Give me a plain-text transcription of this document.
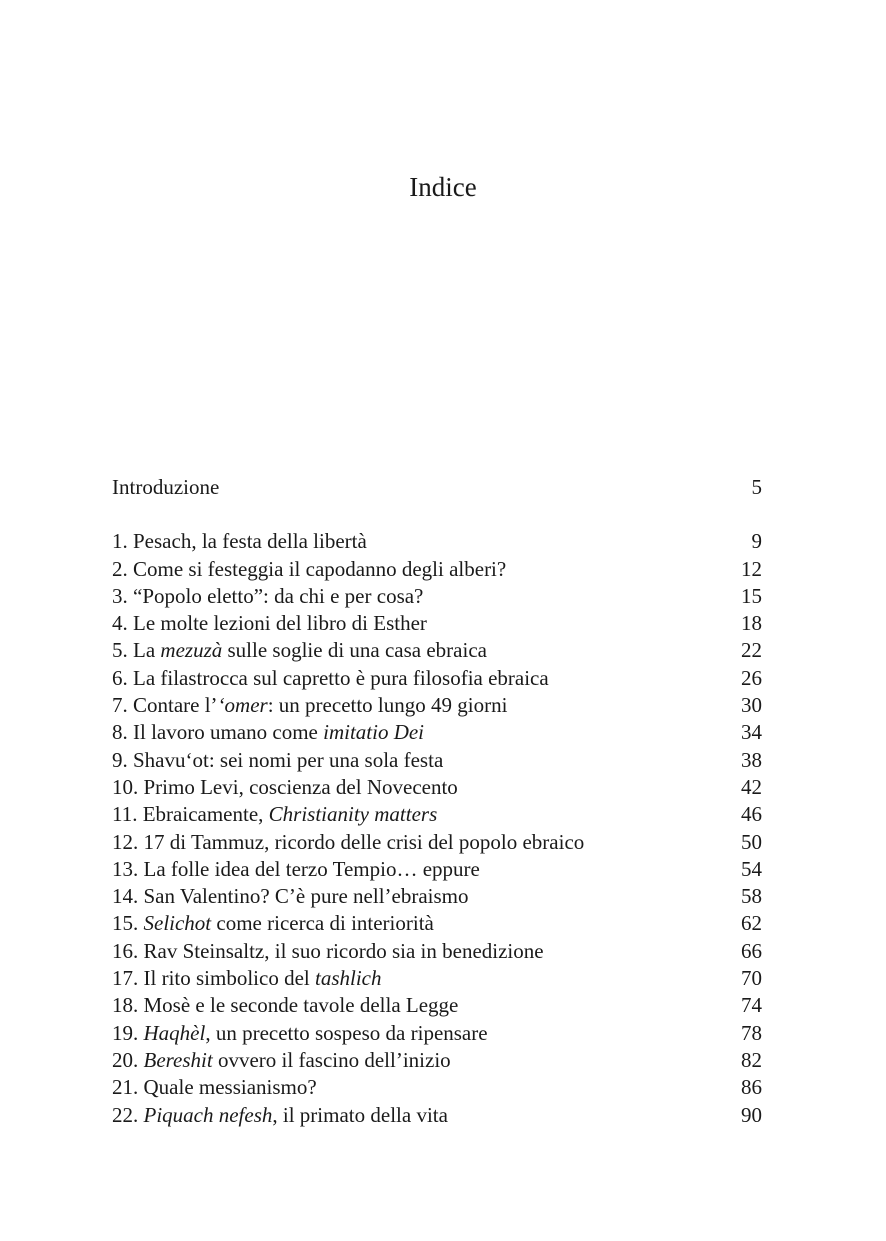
Indice
Introduzione	5
1. Pesach, la festa della libertà	9
2. Come si festeggia il capodanno degli alberi?	12
3. “Popolo eletto”: da chi e per cosa?	15
4. Le molte lezioni del libro di Esther	18
5. La mezuzà sulle soglie di una casa ebraica	22
6. La filastrocca sul capretto è pura filosofia ebraica	26
7. Contare l’‘omer: un precetto lungo 49 giorni	30
8. Il lavoro umano come imitatio Dei	34
9. Shavu‘ot: sei nomi per una sola festa	38
10. Primo Levi, coscienza del Novecento	42
11. Ebraicamente, Christianity matters	46
12. 17 di Tammuz, ricordo delle crisi del popolo ebraico	50
13. La folle idea del terzo Tempio… eppure	54
14. San Valentino? C’è pure nell’ebraismo	58
15. Selichot come ricerca di interiorità	62
16. Rav Steinsaltz, il suo ricordo sia in benedizione	66
17. Il rito simbolico del tashlich	70
18. Mosè e le seconde tavole della Legge	74
19. Haqhèl, un precetto sospeso da ripensare	78
20. Bereshit ovvero il fascino dell’inizio	82
21. Quale messianismo?	86
22. Piquach nefesh, il primato della vita	90
